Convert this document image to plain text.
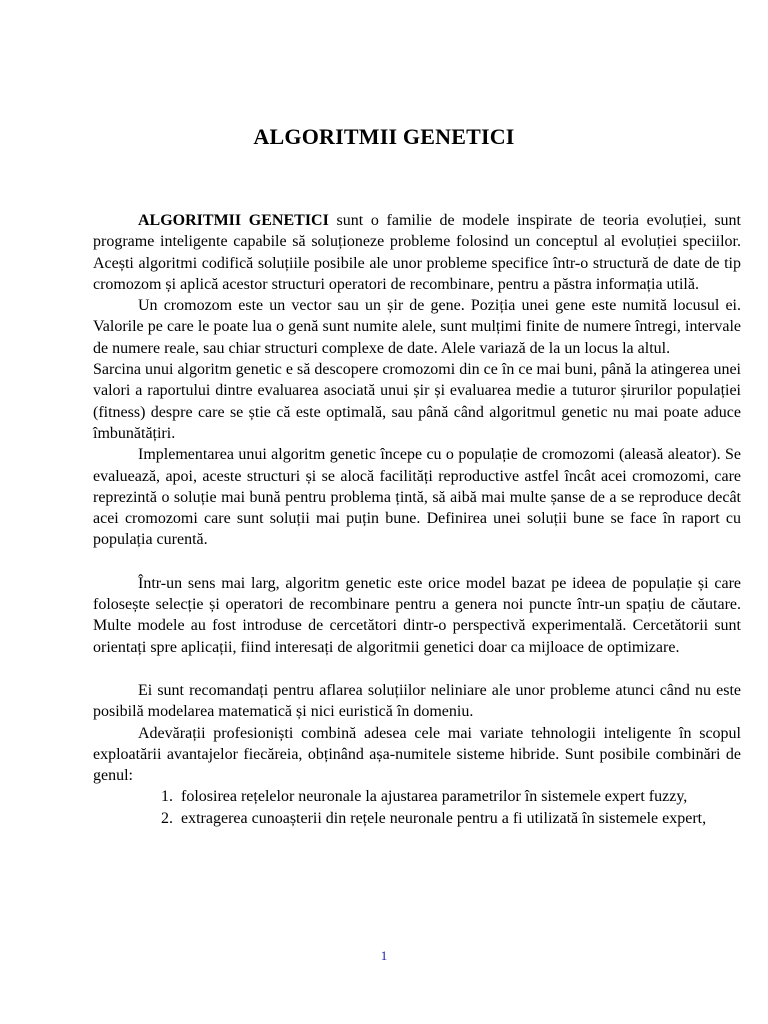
ALGORITMII GENETICI

ALGORITMII GENETICI sunt o familie de modele inspirate de teoria evoluției, sunt programe inteligente capabile să soluționeze probleme folosind un conceptul al evoluției speciilor. Acești algoritmi codifică soluțiile posibile ale unor probleme specifice într-o structură de date de tip cromozom și aplică acestor structuri operatori de recombinare, pentru a păstra informația utilă.

Un cromozom este un vector sau un șir de gene. Poziția unei gene este numită locusul ei. Valorile pe care le poate lua o genă sunt numite alele, sunt mulțimi finite de numere întregi, intervale de numere reale, sau chiar structuri complexe de date. Alele variază de la un locus la altul.

Sarcina unui algoritm genetic e să descopere cromozomi din ce în ce mai buni, până la atingerea unei valori a raportului dintre evaluarea asociată unui șir și evaluarea medie a tuturor șirurilor populației (fitness) despre care se știe că este optimală, sau până când algoritmul genetic nu mai poate aduce îmbunătățiri.

Implementarea unui algoritm genetic începe cu o populație de cromozomi (aleasă aleator). Se evaluează, apoi, aceste structuri și se alocă facilități reproductive astfel încât acei cromozomi, care reprezintă o soluție mai bună pentru problema țintă, să aibă mai multe șanse de a se reproduce decât acei cromozomi care sunt soluții mai puțin bune. Definirea unei soluții bune se face în raport cu populația curentă.

Într-un sens mai larg, algoritm genetic este orice model bazat pe ideea de populație și care folosește selecție și operatori de recombinare pentru a genera noi puncte într-un spațiu de căutare. Multe modele au fost introduse de cercetători dintr-o perspectivă experimentală. Cercetătorii sunt orientați spre aplicații, fiind interesați de algoritmii genetici doar ca mijloace de optimizare.

Ei sunt recomandați pentru aflarea soluțiilor neliniare ale unor probleme atunci când nu este posibilă modelarea matematică și nici euristică în domeniu.

Adevărații profesioniști combină adesea cele mai variate tehnologii inteligente în scopul exploatării avantajelor fiecăreia, obținând așa-numitele sisteme hibride. Sunt posibile combinări de genul:

1. folosirea rețelelor neuronale la ajustarea parametrilor în sistemele expert fuzzy,
2. extragerea cunoașterii din rețele neuronale pentru a fi utilizată în sistemele expert,
1
